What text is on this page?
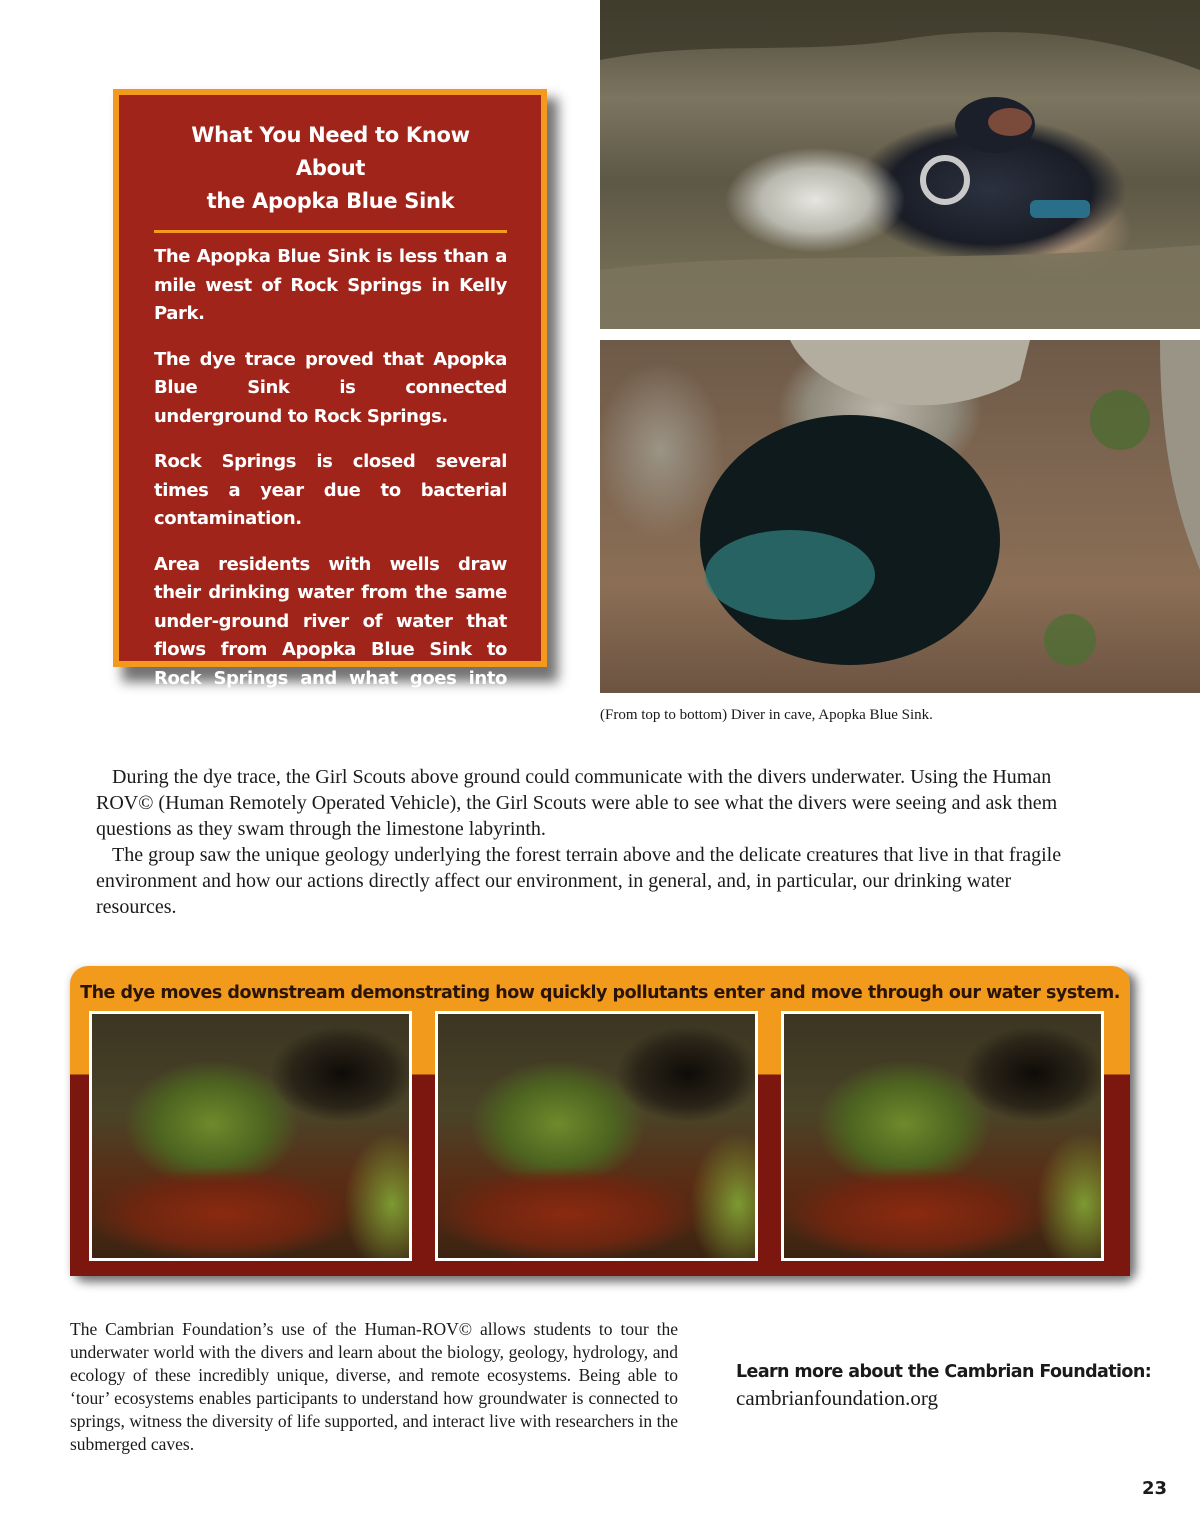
What You Need to Know About
the Apopka Blue Sink

The Apopka Blue Sink is less than a mile west of Rock Springs in Kelly Park.

The dye trace proved that Apopka Blue Sink is connected underground to Rock Springs.

Rock Springs is closed several times a year due to bacterial contamination.

Area residents with wells draw their drinking water from the same under-ground river of water that flows from Apopka Blue Sink to Rock Springs and what goes into Apopka Blue Sink goes into their drinking water.

(From top to bottom) Diver in cave, Apopka Blue Sink.

During the dye trace, the Girl Scouts above ground could communicate with the divers underwater. Using the Human ROV© (Human Remotely Operated Vehicle), the Girl Scouts were able to see what the divers were seeing and ask them questions as they swam through the limestone labyrinth.

The group saw the unique geology underlying the forest terrain above and the delicate creatures that live in that fragile environment and how our actions directly affect our environment, in general, and, in particular, our drinking water resources.

The dye moves downstream demonstrating how quickly pollutants enter and move through our water system.
The Cambrian Foundation’s use of the Human-ROV© allows students to tour the underwater world with the divers and learn about the biology, geology, hydrology, and ecology of these incredibly unique, diverse, and remote ecosystems. Being able to ‘tour’ ecosystems enables participants to understand how groundwater is connected to springs, witness the diversity of life supported, and interact live with researchers in the submerged caves.
Learn more about the Cambrian Foundation:
cambrianfoundation.org
23
